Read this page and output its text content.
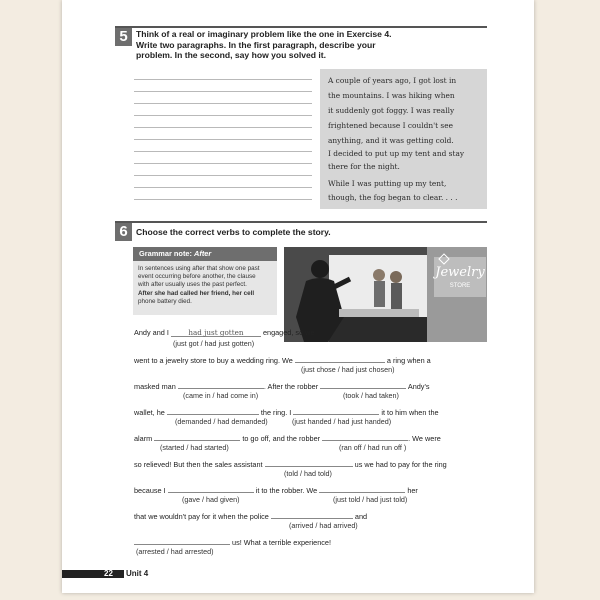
5 Think of a real or imaginary problem like the one in Exercise 4.
Write two paragraphs. In the first paragraph, describe your
problem. In the second, say how you solved it.
A couple of years ago, I got lost in
the mountains. I was hiking when
it suddenly got foggy. I was really
frightened because I couldn't see
anything, and it was getting cold.
I decided to put up my tent and stay
there for the night.
While I was putting up my tent,
though, the fog began to clear. . . .
6 Choose the correct verbs to complete the story.
Grammar note: After
In sentences using after that show one past
event occurring before another, the clause
with after usually uses the past perfect.
After she had called her friend, her cell
phone battery died.
Jewelry
STORE
Andy and I	had just gotten	engaged, so we
(just got / had just gotten)
went to a jewelry store to buy a wedding ring. We	a ring when a
(just chose / had just chosen)
masked man	. After the robber	Andy's
(came in / had come in)	(took / had taken)
wallet, he	the ring. I	it to him when the
(demanded / had demanded)	(just handed / had just handed)
alarm	to go off, and the robber	. We were
(started / had started)	(ran off / had run off )
so relieved! But then the sales assistant	us we had to pay for the ring
(told / had told)
because I	it to the robber. We	her
(gave / had given)	(just told / had just told)
that we wouldn't pay for it when the police	and
(arrived / had arrived)
us! What a terrible experience!
(arrested / had arrested)
22 Unit 4
